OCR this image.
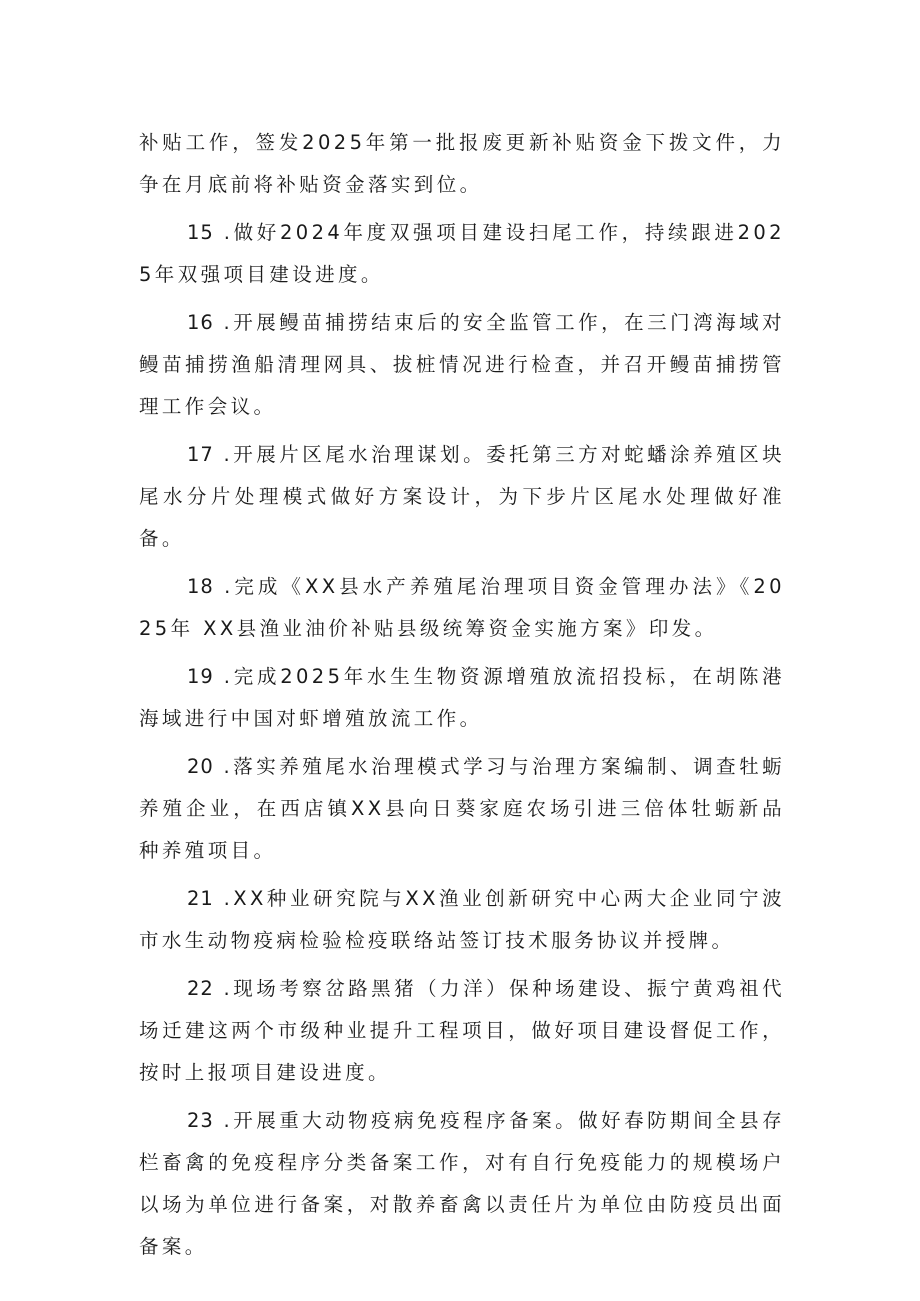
补贴工作，签发2025年第一批报废更新补贴资金下拨文件，力争在月底前将补贴资金落实到位。

15 .做好2024年度双强项目建设扫尾工作，持续跟进2025年双强项目建设进度。

16 .开展鳗苗捕捞结束后的安全监管工作，在三门湾海域对鳗苗捕捞渔船清理网具、拔桩情况进行检查，并召开鳗苗捕捞管理工作会议。

17 .开展片区尾水治理谋划。委托第三方对蛇蟠涂养殖区块尾水分片处理模式做好方案设计，为下步片区尾水处理做好准备。

18 .完成《XX县水产养殖尾治理项目资金管理办法》《2025年 XX县渔业油价补贴县级统筹资金实施方案》印发。

19 .完成2025年水生生物资源增殖放流招投标，在胡陈港海域进行中国对虾增殖放流工作。

20 .落实养殖尾水治理模式学习与治理方案编制、调查牡蛎养殖企业，在西店镇XX县向日葵家庭农场引进三倍体牡蛎新品种养殖项目。

21 .XX种业研究院与XX渔业创新研究中心两大企业同宁波市水生动物疫病检验检疫联络站签订技术服务协议并授牌。

22 .现场考察岔路黑猪（力洋）保种场建设、振宁黄鸡祖代场迁建这两个市级种业提升工程项目，做好项目建设督促工作，按时上报项目建设进度。

23 .开展重大动物疫病免疫程序备案。做好春防期间全县存栏畜禽的免疫程序分类备案工作，对有自行免疫能力的规模场户以场为单位进行备案，对散养畜禽以责任片为单位由防疫员出面备案。
